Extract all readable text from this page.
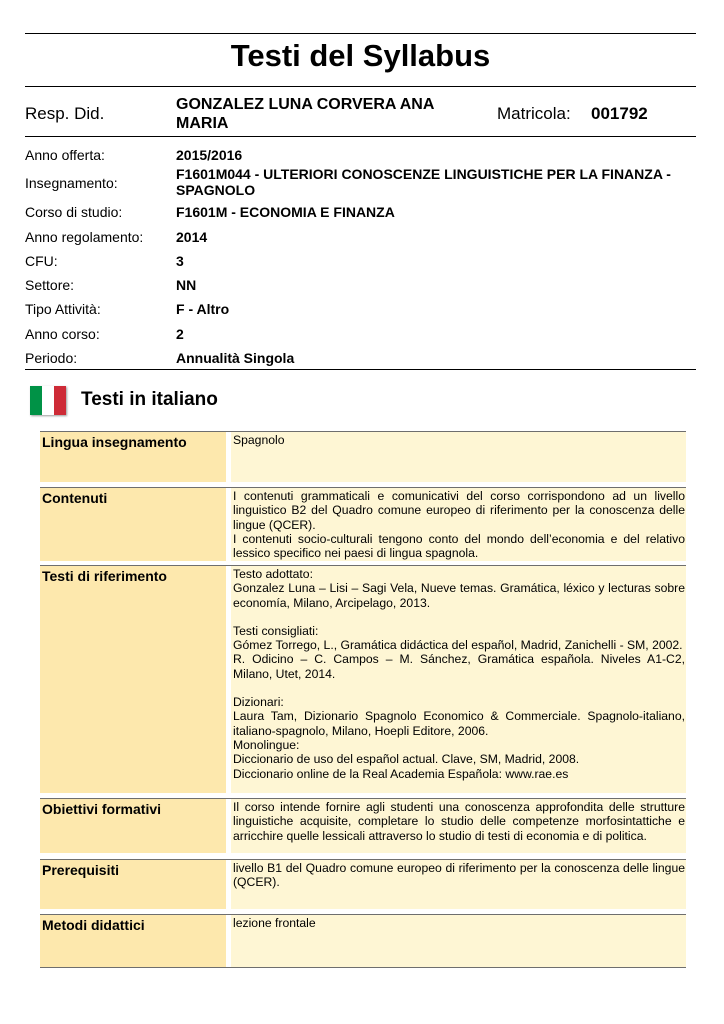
Testi del Syllabus
Resp. Did.	GONZALEZ LUNA CORVERA ANA MARIA
Matricola: 001792
Anno offerta:	2015/2016
Insegnamento:
F1601M044 - ULTERIORI CONOSCENZE LINGUISTICHE PER LA FINANZA - SPAGNOLO
Corso di studio:	F1601M - ECONOMIA E FINANZA
Anno regolamento: 2014
CFU:	3
Settore:	NN
Tipo Attività:	F - Altro
Anno corso:	2
Periodo:	Annualità Singola
Testi in italiano
Lingua insegnamento	Spagnolo

Contenuti	I contenuti grammaticali e comunicativi del corso corrispondono ad un livello linguistico B2 del Quadro comune europeo di riferimento per la conoscenza delle lingue (QCER).

I contenuti socio-culturali tengono conto del mondo dell’economia e del relativo lessico specifico nei paesi di lingua spagnola.

Testi di riferimento	Testo adottato:

Gonzalez Luna – Lisi – Sagi Vela, Nueve temas. Gramática, léxico y lecturas sobre economía, Milano, Arcipelago, 2013.

Testi consigliati:

Gómez Torrego, L., Gramática didáctica del español, Madrid, Zanichelli - SM, 2002.

R. Odicino – C. Campos – M. Sánchez, Gramática española. Niveles A1-C2, Milano, Utet, 2014.

Dizionari:

Laura Tam, Dizionario Spagnolo Economico & Commerciale. Spagnolo-italiano, italiano-spagnolo, Milano, Hoepli Editore, 2006.

Monolingue:

Diccionario de uso del español actual. Clave, SM, Madrid, 2008.

Diccionario online de la Real Academia Española: www.rae.es

Obiettivi formativi	Il corso intende fornire agli studenti una conoscenza approfondita delle strutture linguistiche acquisite, completare lo studio delle competenze morfosintattiche e arricchire quelle lessicali attraverso lo studio di testi di economia e di politica.

Prerequisiti	livello B1 del Quadro comune europeo di riferimento per la conoscenza delle lingue (QCER).

Metodi didattici	lezione frontale
